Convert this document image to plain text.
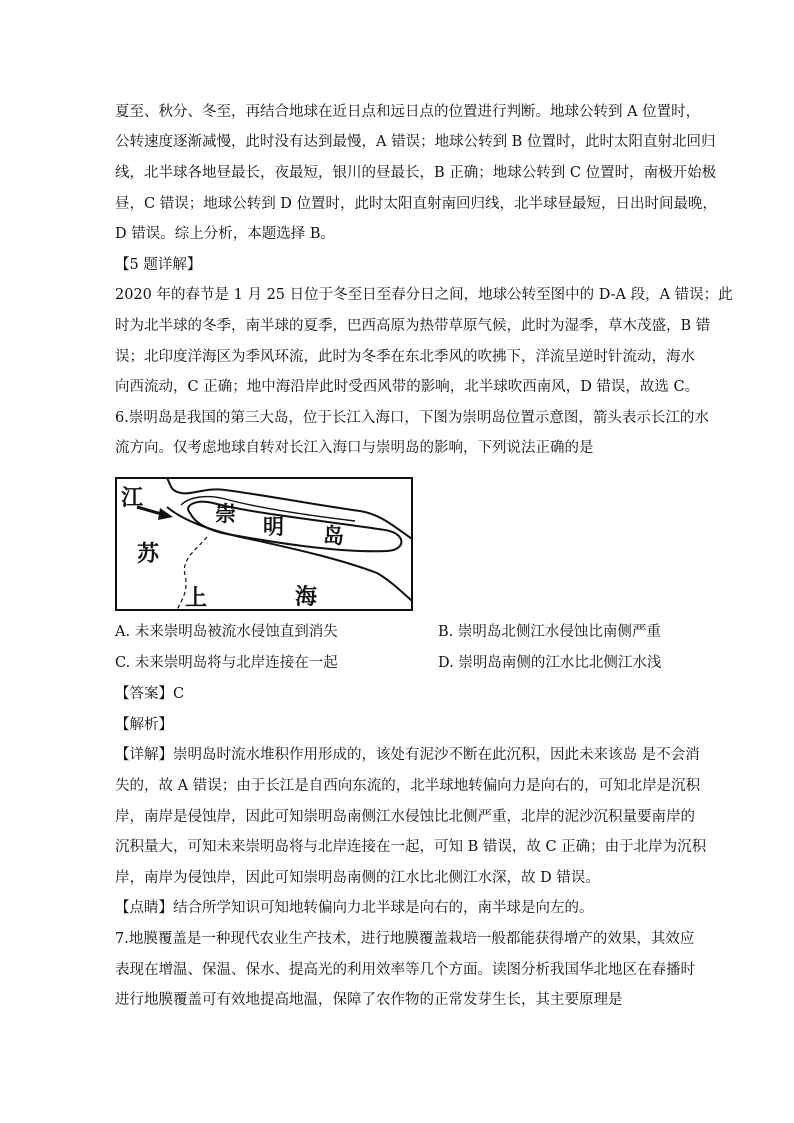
夏至、秋分、冬至，再结合地球在近日点和远日点的位置进行判断。地球公转到 A 位置时，
公转速度逐渐减慢，此时没有达到最慢，A 错误；地球公转到 B 位置时，此时太阳直射北回归
线，北半球各地昼最长，夜最短，银川的昼最长，B 正确；地球公转到 C 位置时，南极开始极
昼，C 错误；地球公转到 D 位置时，此时太阳直射南回归线，北半球昼最短，日出时间最晚，
D 错误。综上分析，本题选择 B。
【5 题详解】
2020 年的春节是 1 月 25 日位于冬至日至春分日之间，地球公转至图中的 D-A 段，A 错误；此
时为北半球的冬季，南半球的夏季，巴西高原为热带草原气候，此时为湿季，草木茂盛，B 错
误；北印度洋海区为季风环流，此时为冬季在东北季风的吹拂下，洋流呈逆时针流动，海水
向西流动，C 正确；地中海沿岸此时受西风带的影响，北半球吹西南风，D 错误，故选 C。
6.崇明岛是我国的第三大岛，位于长江入海口，下图为崇明岛位置示意图，箭头表示长江的水
流方向。仅考虑地球自转对长江入海口与崇明岛的影响，下列说法正确的是
江
崇
明 岛
苏
上	海
A. 未来崇明岛被流水侵蚀直到消失	B. 崇明岛北侧江水侵蚀比南侧严重
C. 未来崇明岛将与北岸连接在一起	D. 崇明岛南侧的江水比北侧江水浅
【答案】C
【解析】
【详解】崇明岛时流水堆积作用形成的，该处有泥沙不断在此沉积，因此未来该岛 是不会消
失的，故 A 错误；由于长江是自西向东流的，北半球地转偏向力是向右的，可知北岸是沉积
岸，南岸是侵蚀岸，因此可知崇明岛南侧江水侵蚀比北侧严重，北岸的泥沙沉积量要南岸的
沉积量大，可知未来崇明岛将与北岸连接在一起，可知 B 错误，故 C 正确；由于北岸为沉积
岸，南岸为侵蚀岸，因此可知崇明岛南侧的江水比北侧江水深，故 D 错误。
【点睛】结合所学知识可知地转偏向力北半球是向右的，南半球是向左的。
7.地膜覆盖是一种现代农业生产技术，进行地膜覆盖栽培一般都能获得增产的效果，其效应
表现在增温、保温、保水、提高光的利用效率等几个方面。读图分析我国华北地区在春播时
进行地膜覆盖可有效地提高地温，保障了农作物的正常发芽生长，其主要原理是
